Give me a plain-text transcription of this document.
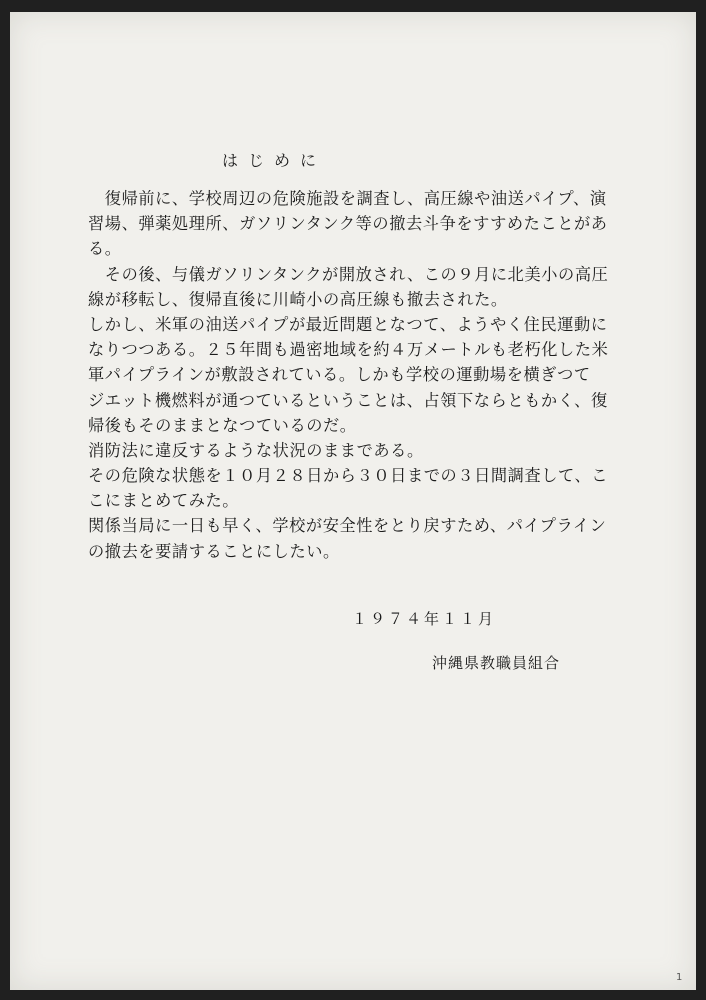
はじめに
　復帰前に、学校周辺の危険施設を調査し、高圧線や油送パイプ、演
習場、弾薬処理所、ガソリンタンク等の撤去斗争をすすめたことがあ
る。
　その後、与儀ガソリンタンクが開放され、この９月に北美小の高圧
線が移転し、復帰直後に川崎小の高圧線も撤去された。
しかし、米軍の油送パイプが最近問題となつて、ようやく住民運動に
なりつつある。２５年間も過密地域を約４万メートルも老朽化した米
軍パイプラインが敷設されている。しかも学校の運動場を横ぎつて
ジエット機燃料が通つているということは、占領下ならともかく、復
帰後もそのままとなつているのだ。
消防法に違反するような状況のままである。
その危険な状態を１０月２８日から３０日までの３日間調査して、こ
こにまとめてみた。
関係当局に一日も早く、学校が安全性をとり戻すため、パイプライン
の撤去を要請することにしたい。
１９７４年１１月
沖縄県教職員組合
1
